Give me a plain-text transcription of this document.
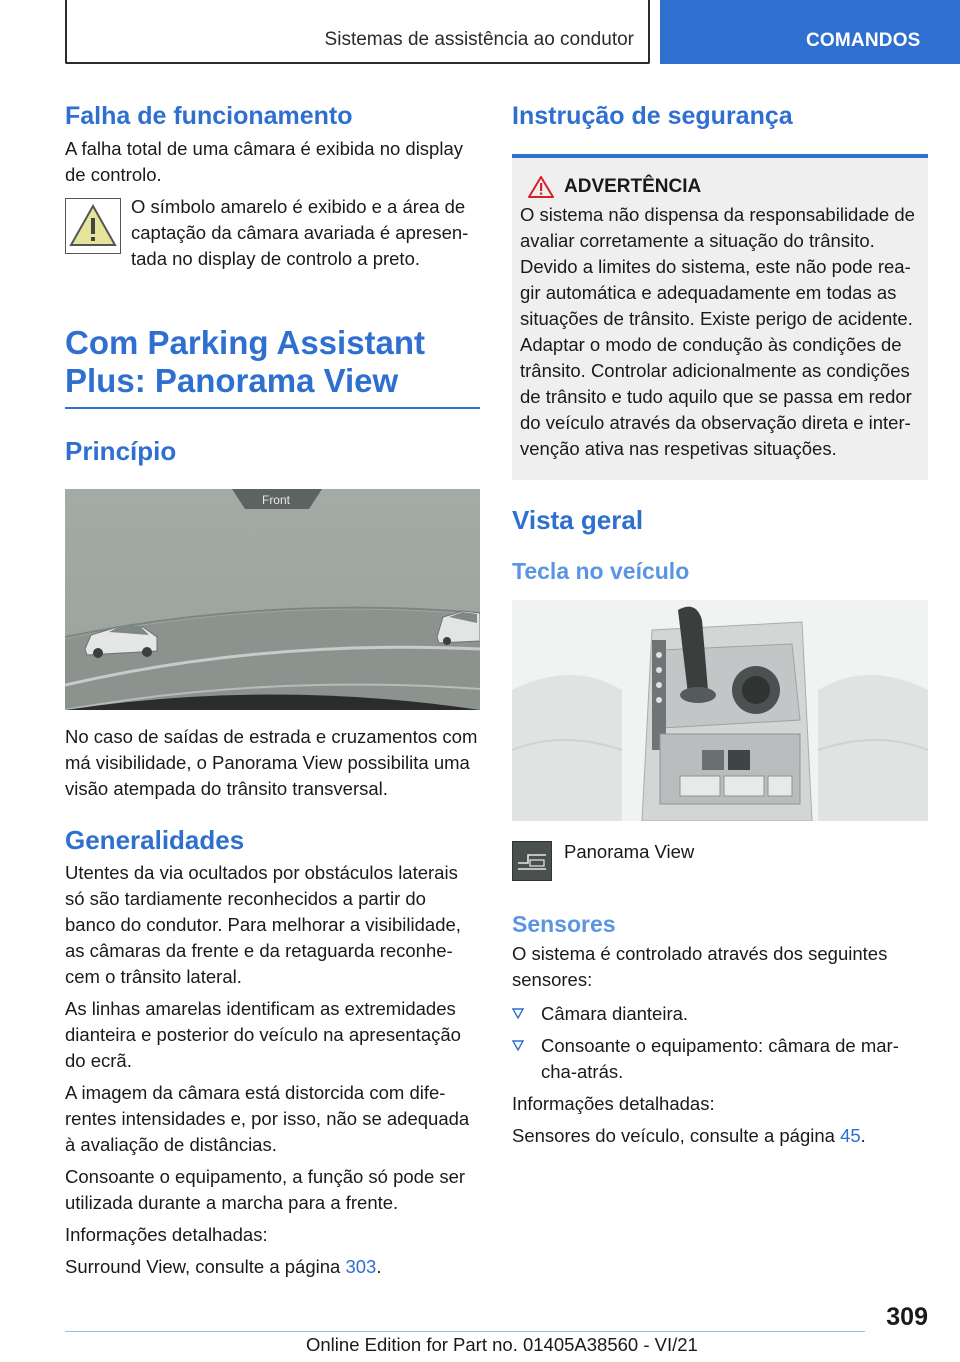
Sistemas de assistência ao condutor	COMANDOS
Falha de funcionamento

A falha total de uma câmara é exibida no display de controlo.

O símbolo amarelo é exibido e a área de captação da câmara avariada é apresentada no display de controlo a preto.

Com Parking Assistant Plus: Panorama View
Princípio
Front

No caso de saídas de estrada e cruzamentos com má visibilidade, o Panorama View possibilita uma visão atempada do trânsito transversal.

Generalidades

Utentes da via ocultados por obstáculos laterais só são tardiamente reconhecidos a partir do banco do condutor. Para melhorar a visibilidade, as câmaras da frente e da retaguarda reconhecem o trânsito lateral.

As linhas amarelas identificam as extremidades dianteira e posterior do veículo na apresentação do ecrã.

A imagem da câmara está distorcida com diferentes intensidades e, por isso, não se adequada à avaliação de distâncias.

Consoante o equipamento, a função só pode ser utilizada durante a marcha para a frente.

Informações detalhadas:

Surround View, consulte a página 303.

Instrução de segurança
ADVERTÊNCIA

O sistema não dispensa da responsabilidade de avaliar corretamente a situação do trânsito. Devido a limites do sistema, este não pode reagir automática e adequadamente em todas as situações de trânsito. Existe perigo de acidente. Adaptar o modo de condução às condições de trânsito. Controlar adicionalmente as condições de trânsito e tudo aquilo que se passa em redor do veículo através da observação direta e intervenção ativa nas respetivas situações.

Vista geral
Tecla no veículo

Panorama View

Sensores

O sistema é controlado através dos seguintes sensores:

Câmara dianteira.
Consoante o equipamento: câmara de marcha-atrás.

Informações detalhadas:

Sensores do veículo, consulte a página 45.

309
Online Edition for Part no. 01405A38560 - VI/21
